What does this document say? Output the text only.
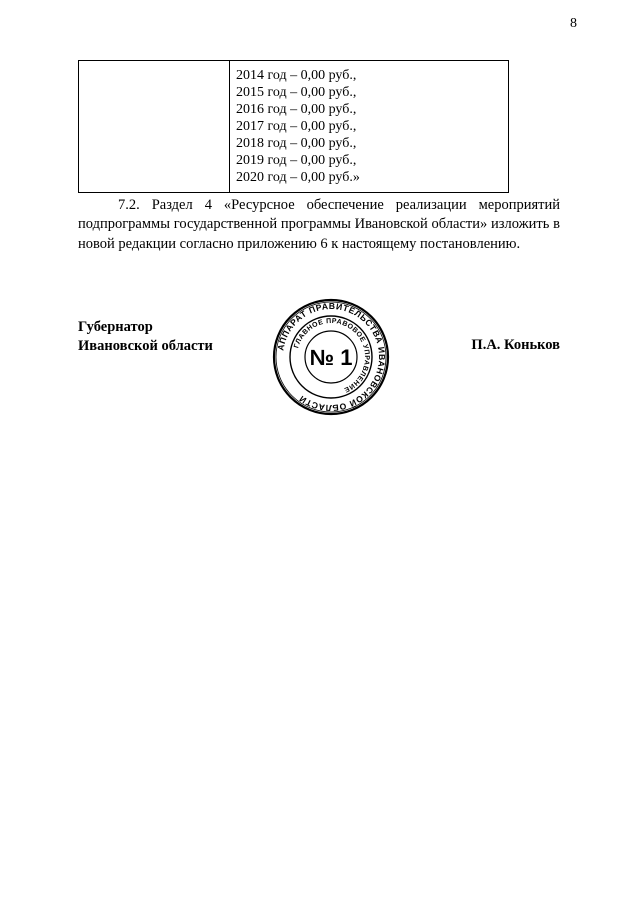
8

2014 год – 0,00 руб.,
2015 год – 0,00 руб.,
2016 год – 0,00 руб.,
2017 год – 0,00 руб.,
2018 год – 0,00 руб.,
2019 год – 0,00 руб.,
2020 год – 0,00 руб.»
7.2. Раздел 4 «Ресурсное обеспечение реализации мероприятий подпрограммы государственной программы Ивановской области» изложить в новой редакции согласно приложению 6 к настоящему постановлению.
Губернатор
Ивановской области	П.А. Коньков
АППАРАТ ПРАВИТЕЛЬСТВА ИВАНОВСКОЙ ОБЛАСТИ
ГЛАВНОЕ ПРАВОВОЕ УПРАВЛЕНИЕ
№ 1
